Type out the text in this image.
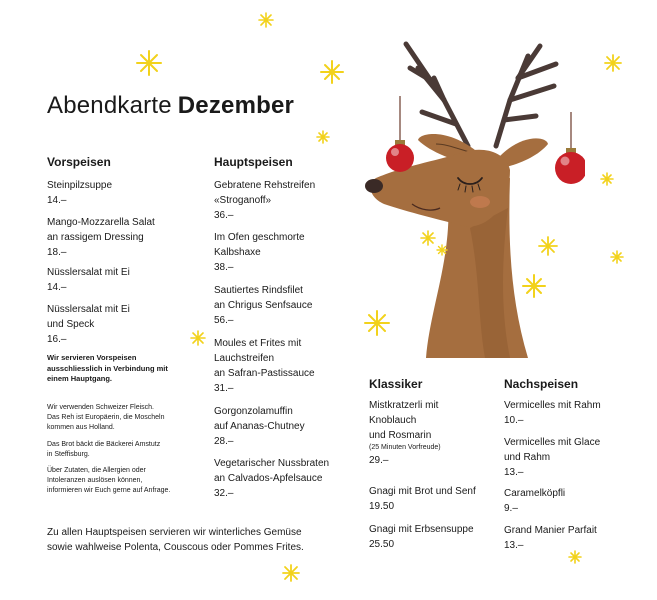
Abendkarte Dezember
Vorspeisen
Steinpilzsuppe
14.–
Mango-Mozzarella Salat
an rassigem Dressing
18.–
Nüsslersalat mit Ei
14.–
Nüsslersalat mit Ei
und Speck
16.–
Wir servieren Vorspeisen
ausschliesslich in Verbindung mit
einem Hauptgang.
Wir verwenden Schweizer Fleisch.
Das Reh ist Europäerin, die Moscheln
kommen aus Holland.
Das Brot bäckt die Bäckerei Amstutz
in Steffisburg.
Über Zutaten, die Allergien oder
Intoleranzen auslösen können,
informieren wir Euch gerne auf Anfrage.
Hauptspeisen
Gebratene Rehstreifen
«Stroganoff»
36.–
Im Ofen geschmorte
Kalbshaxe
38.–
Sautiertes Rindsfilet
an Chrigus Senfsauce
56.–
Moules et Frites mit
Lauchstreifen
an Safran-Pastissauce
31.–
Gorgonzolamuffin
auf Ananas-Chutney
28.–
Vegetarischer Nussbraten
an Calvados-Apfelsauce
32.–
Zu allen Hauptspeisen servieren wir winterliches Gemüse
sowie wahlweise Polenta, Couscous oder Pommes Frites.
Klassiker
Mistkratzerli mit
Knoblauch
und Rosmarin
(25 Minuten Vorfreude)
29.–
Gnagi mit Brot und Senf
19.50
Gnagi mit Erbsensuppe
25.50
Nachspeisen
Vermicelles mit Rahm
10.–
Vermicelles mit Glace
und Rahm
13.–
Caramelköpfli
9.–
Grand Manier Parfait
13.–
